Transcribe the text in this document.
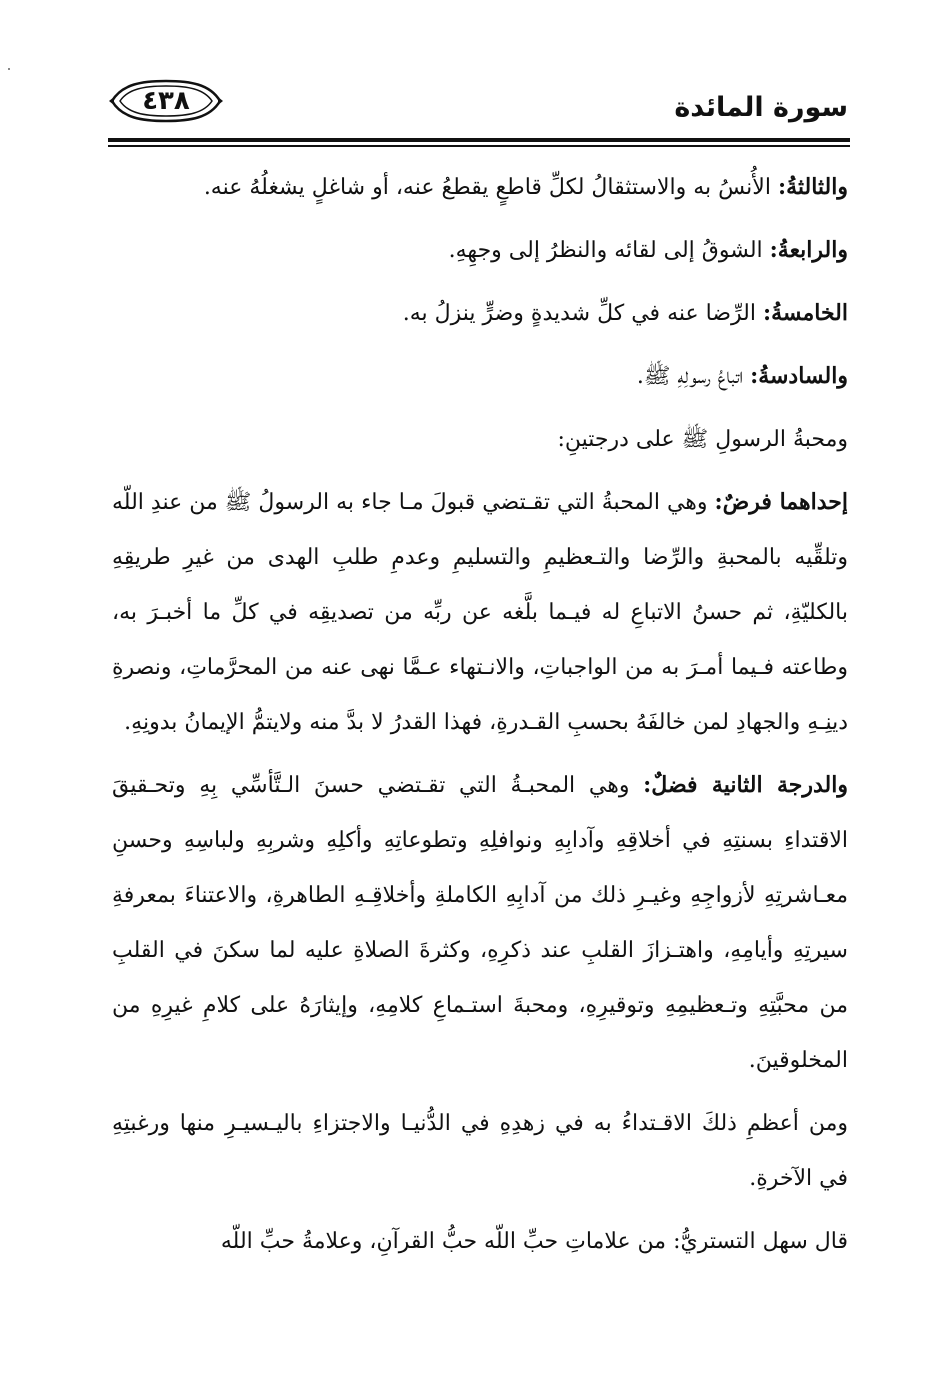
٤٣٨	سورة المائدة

والثالثةُ: الأُنسُ به والاستثقالُ لكلِّ قاطعٍ يقطعُ عنه، أو شاغلٍ يشغلُهُ عنه.

والرابعةُ: الشوقُ إلى لقائه والنظرُ إلى وجهِهِ.

الخامسةُ: الرِّضا عنه في كلِّ شديدةٍ وضرٍّ ينزلُ به.

والسادسةُ: اتباعُ رسولِهِ ﷺ.

ومحبةُ الرسولِ ﷺ على درجتينِ:

إحداهما فرضٌ: وهي المحبةُ التي تقـتضي قبولَ مـا جاء به الرسولُ ﷺ من عندِ اللّه وتلقِّيه بالمحبةِ والرِّضا والتـعظيمِ والتسليمِ وعدمِ طلبِ الهدى من غيرِ طريقِهِ بالكليّةِ، ثم حسنُ الاتباعِ له فيـما بلَّغه عن ربِّه من تصديقِه في كلِّ ما أخبـرَ به، وطاعته فـيما أمـرَ به من الواجباتِ، والانـتهاء عـمَّا نهى عنه من المحرَّماتِ، ونصرةِ دينِـهِ والجهادِ لمن خالفَهُ بحسبِ القـدرةِ، فهذا القدرُ لا بدَّ منه ولايتمُّ الإيمانُ بدونِهِ.

والدرجة الثانية فضلٌ: وهي المحبـةُ التي تقـتضي حسنَ الـتَّأسِّي بِهِ وتحـقيقَ الاقتداءِ بسنتِهِ في أخلاقِهِ وآدابِهِ ونوافلِهِ وتطوعاتِهِ وأكلِهِ وشربِهِ ولباسِهِ وحسنِ معـاشرتِهِ لأزواجِهِ وغيـرِ ذلك من آدابِهِ الكاملةِ وأخلاقِـهِ الطاهرةِ، والاعتناءَ بمعرفةِ سيرتِهِ وأيامِهِ، واهتـزازَ القلبِ عند ذكرِهِ، وكثرةَ الصلاةِ عليه لما سكنَ في القلبِ من محبَّتِهِ وتـعظيمِهِ وتوقيرِهِ، ومحبةَ استـماعِ كلامِهِ، وإيثارَهُ على كلامِ غيرِهِ من المخلوقينَ.

ومن أعظمِ ذلكَ الاقـتداءُ به في زهدِهِ في الدُّنيـا والاجتزاءِ باليـسيـرِ منها ورغبتِهِ في الآخرةِ.

قال سهل التستريُّ: من علاماتِ حبِّ اللّه حبُّ القرآنِ، وعلامةُ حبِّ اللّه
